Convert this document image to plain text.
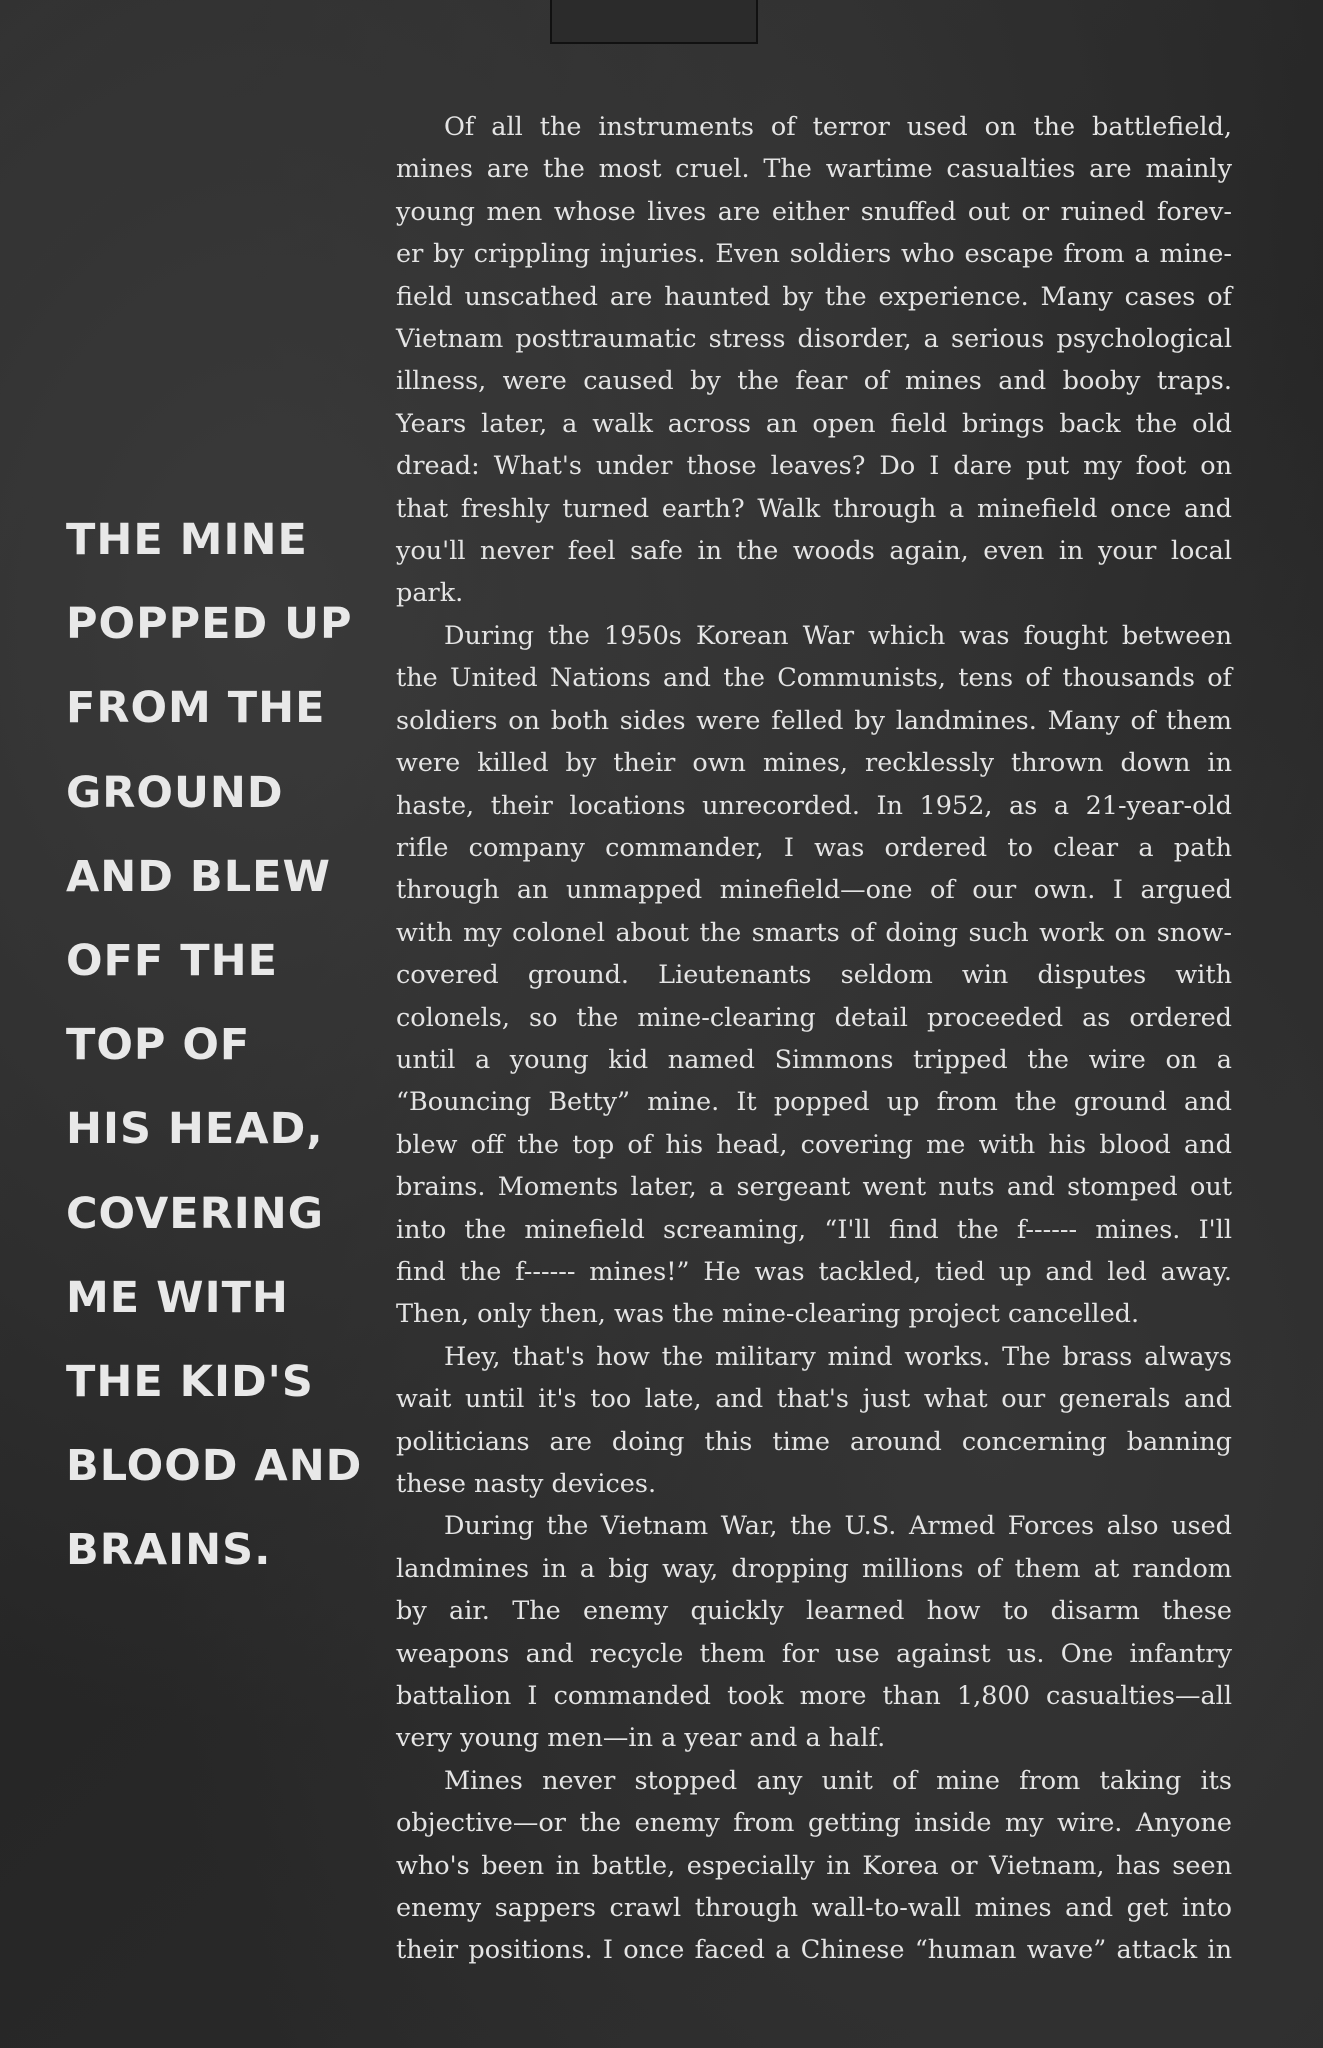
THE MINE
POPPED UP
FROM THE
GROUND
AND BLEW
OFF THE
TOP OF
HIS HEAD,
COVERING
ME WITH
THE KID'S
BLOOD AND
BRAINS.
Of all the instruments of terror used on the battlefield,
mines are the most cruel. The wartime casualties are mainly
young men whose lives are either snuffed out or ruined forev-
er by crippling injuries. Even soldiers who escape from a mine-
field unscathed are haunted by the experience. Many cases of
Vietnam posttraumatic stress disorder, a serious psychological
illness, were caused by the fear of mines and booby traps.
Years later, a walk across an open field brings back the old
dread: What's under those leaves? Do I dare put my foot on
that freshly turned earth? Walk through a minefield once and
you'll never feel safe in the woods again, even in your local
park.
During the 1950s Korean War which was fought between
the United Nations and the Communists, tens of thousands of
soldiers on both sides were felled by landmines. Many of them
were killed by their own mines, recklessly thrown down in
haste, their locations unrecorded. In 1952, as a 21-year-old
rifle company commander, I was ordered to clear a path
through an unmapped minefield—one of our own. I argued
with my colonel about the smarts of doing such work on snow-
covered ground. Lieutenants seldom win disputes with
colonels, so the mine-clearing detail proceeded as ordered
until a young kid named Simmons tripped the wire on a
“Bouncing Betty” mine. It popped up from the ground and
blew off the top of his head, covering me with his blood and
brains. Moments later, a sergeant went nuts and stomped out
into the minefield screaming, “I'll find the f------ mines. I'll
find the f------ mines!” He was tackled, tied up and led away.
Then, only then, was the mine-clearing project cancelled.
Hey, that's how the military mind works. The brass always
wait until it's too late, and that's just what our generals and
politicians are doing this time around concerning banning
these nasty devices.
During the Vietnam War, the U.S. Armed Forces also used
landmines in a big way, dropping millions of them at random
by air. The enemy quickly learned how to disarm these
weapons and recycle them for use against us. One infantry
battalion I commanded took more than 1,800 casualties—all
very young men—in a year and a half.
Mines never stopped any unit of mine from taking its
objective—or the enemy from getting inside my wire. Anyone
who's been in battle, especially in Korea or Vietnam, has seen
enemy sappers crawl through wall-to-wall mines and get into
their positions. I once faced a Chinese “human wave” attack in
